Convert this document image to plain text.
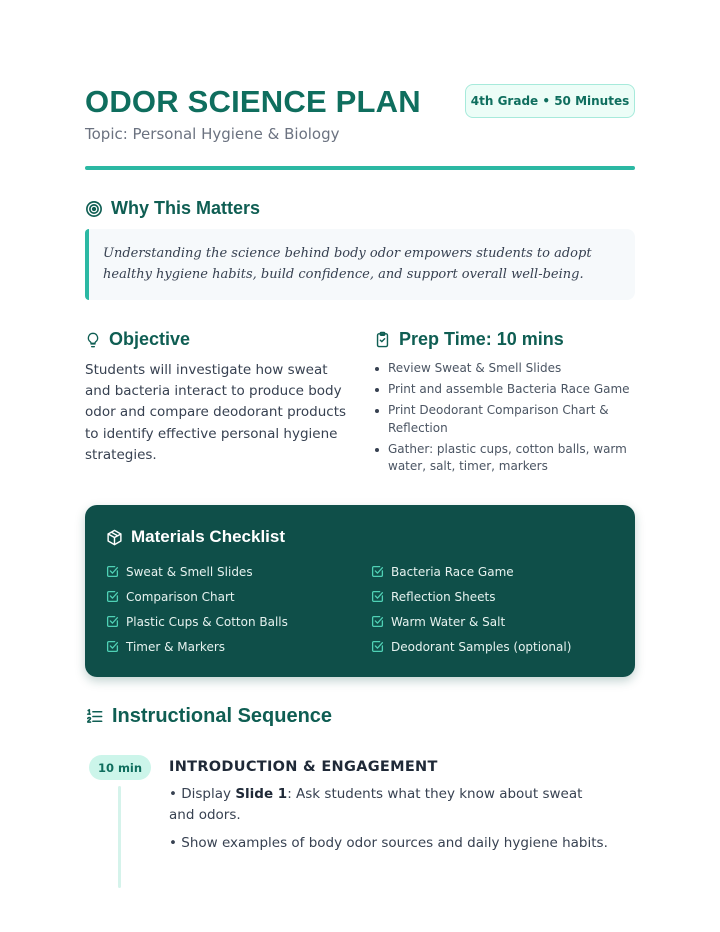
ODOR SCIENCE PLAN
Topic: Personal Hygiene & Biology
4th Grade • 50 Minutes
Why This Matters
Understanding the science behind body odor empowers students to adopt healthy hygiene habits, build confidence, and support overall well-being.
Objective
Students will investigate how sweat and bacteria interact to produce body odor and compare deodorant products to identify effective personal hygiene strategies.
Prep Time: 10 mins
Review Sweat & Smell Slides
Print and assemble Bacteria Race Game
Print Deodorant Comparison Chart & Reflection
Gather: plastic cups, cotton balls, warm water, salt, timer, markers
Materials Checklist
Sweat & Smell Slides	Bacteria Race Game
Comparison Chart	Reflection Sheets
Plastic Cups & Cotton Balls	Warm Water & Salt
Timer & Markers	Deodorant Samples (optional)
Instructional Sequence
10 min	INTRODUCTION & ENGAGEMENT

• Display Slide 1: Ask students what they know about sweat and odors.

• Show examples of body odor sources and daily hygiene habits.
